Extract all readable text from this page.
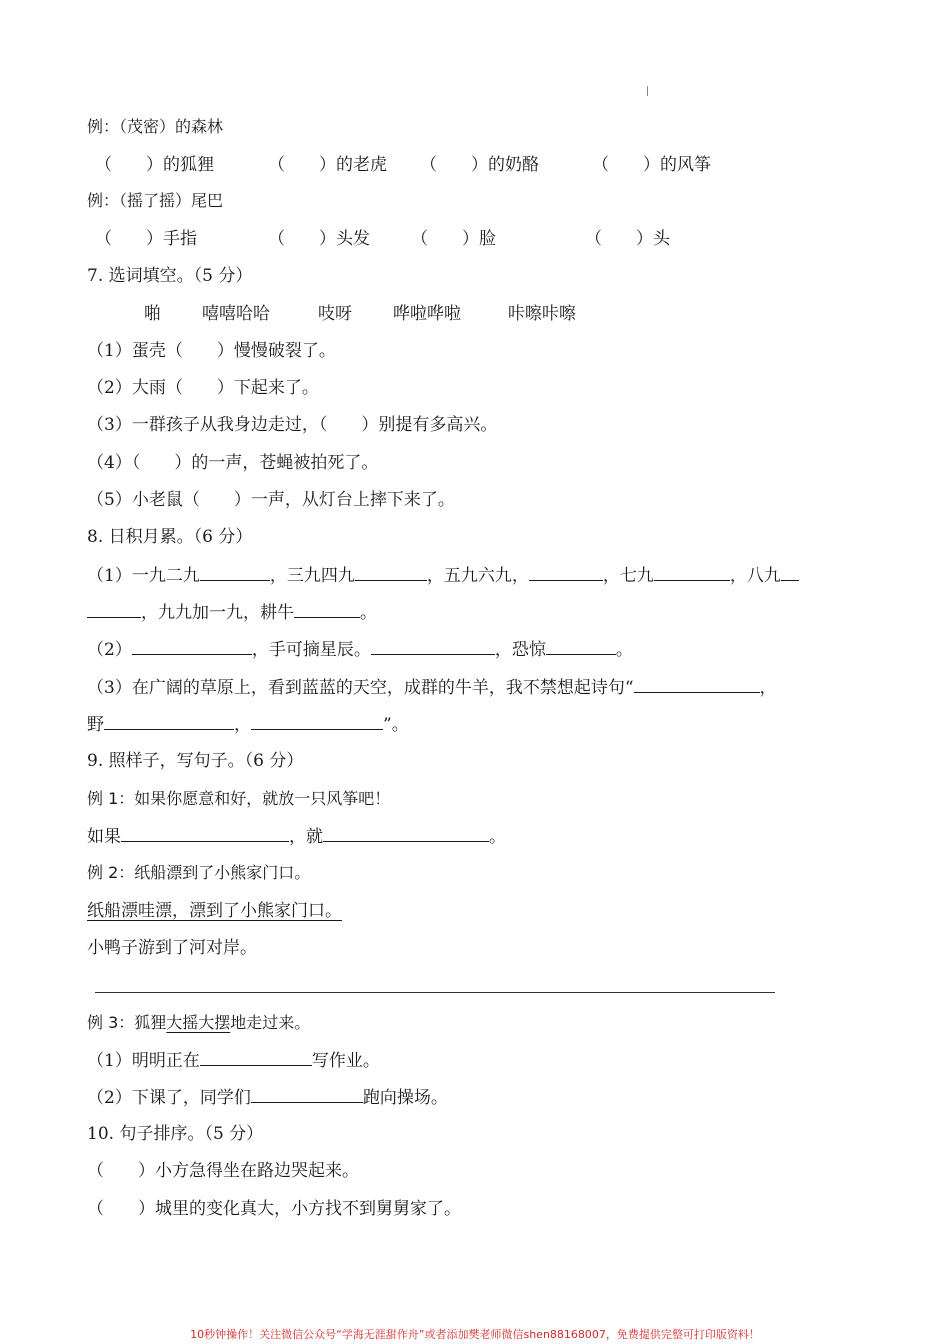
例：（茂密）的森林
（　　）的狐狸	（　　）的老虎 （　　）的奶酪	（　　）的风筝
例：（摇了摇）尾巴
（　　）手指	（　　）头发 （　　）脸	（　　）头
7. 选词填空。（5 分）
啪 嘻嘻哈哈	吱呀 哗啦哗啦	咔嚓咔嚓
（1）蛋壳（　　）慢慢破裂了。
（2）大雨（　　）下起来了。
（3）一群孩子从我身边走过，（　　）别提有多高兴。
（4）（　　）的一声，苍蝇被拍死了。
（5）小老鼠（　　）一声，从灯台上摔下来了。
8. 日积月累。（6 分）
（1）一九二九	，三九四九	，五九六九，	，七九	，八九
，九九加一九，耕牛	。
（2）	，手可摘星辰。	，恐惊	。
（3）在广阔的草原上，看到蓝蓝的天空，成群的牛羊，我不禁想起诗句“	，
野	，	”。
9. 照样子，写句子。（6 分）
例 1：如果你愿意和好，就放一只风筝吧！
如果	，就	。
例 2：纸船漂到了小熊家门口。
纸船漂哇漂，漂到了小熊家门口。
小鸭子游到了河对岸。
例 3：狐狸大摇大摆地走过来。
（1）明明正在	写作业。
（2）下课了，同学们	跑向操场。
10. 句子排序。（5 分）
（　　）小方急得坐在路边哭起来。
（　　）城里的变化真大，小方找不到舅舅家了。
10秒钟操作！关注微信公众号“学海无涯甜作舟”或者添加樊老师微信shen88168007，免费提供完整可打印版资料！
